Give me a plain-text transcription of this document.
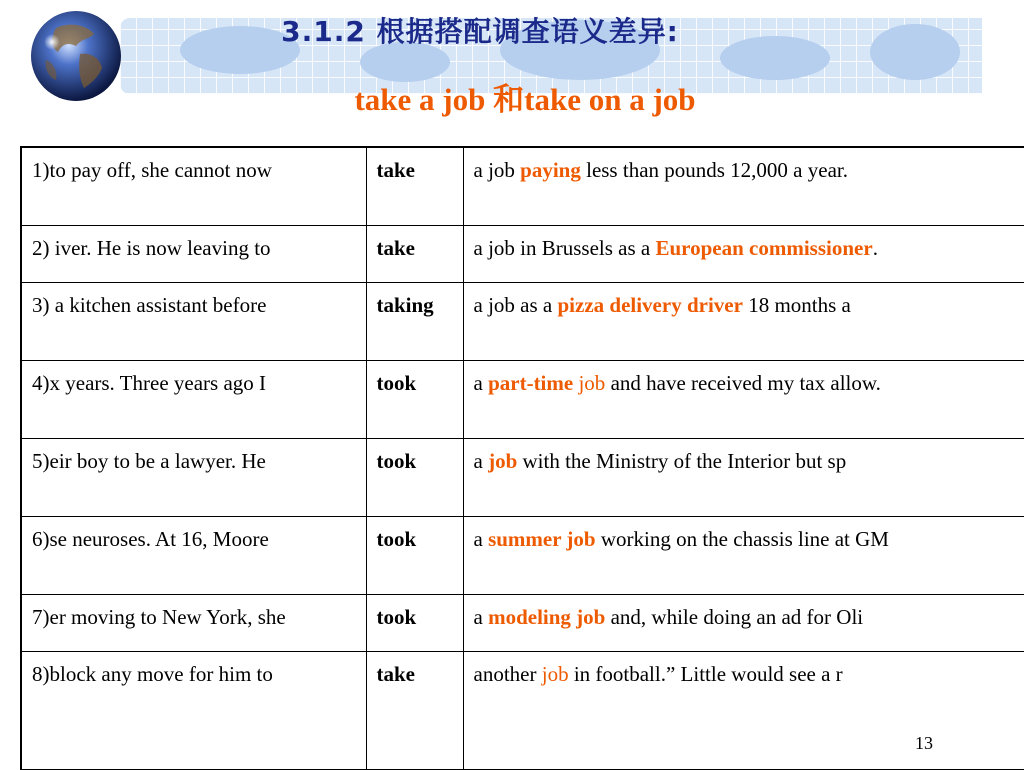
3.1.2 根据搭配调查语义差异:
take a job 和take on a job
1)to pay off, she cannot now	take	a job paying less than pounds 12,000 a year.
2) iver. He is now leaving to	take	a job in Brussels as a European commissioner.
3) a kitchen assistant before	taking	a job as a pizza delivery driver 18 months a
4)x years. Three years ago I	took	a part-time job and have received my tax allow.
5)eir boy to be a lawyer. He	took	a job with the Ministry of the Interior but sp
6)se neuroses. At 16, Moore	took	a summer job working on the chassis line at GM
7)er moving to New York, she	took	a modeling job and, while doing an ad for Oli
8)block any move for him to	take	another job in football.” Little would see a r
13
